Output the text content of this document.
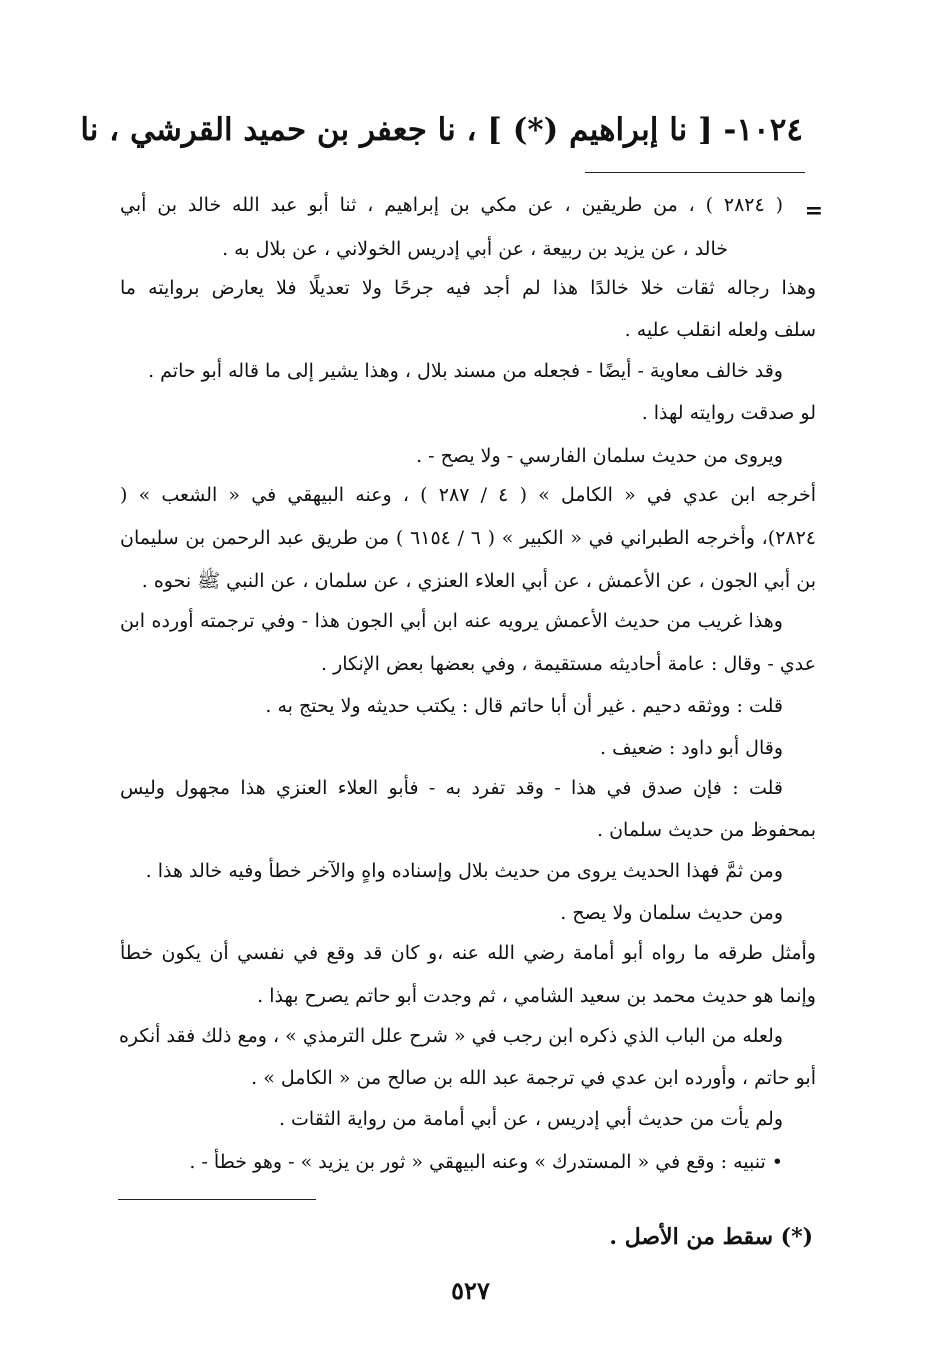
١٠٢٤- [ نا إبراهيم (*) ] ، نا جعفر بن حميد القرشي ، نا
=
( ٢٨٢٤ ) ، من طريقين ، عن مكي بن إبراهيم ، ثنا أبو عبد الله خالد بن أبي
خالد ، عن يزيد بن ربيعة ، عن أبي إدريس الخولاني ، عن بلال به .
وهذا رجاله ثقات خلا خالدًا هذا لم أجد فيه جرحًا ولا تعديلًا فلا يعارض بروايته ما
سلف ولعله انقلب عليه .
وقد خالف معاوية - أيضًا - فجعله من مسند بلال ، وهذا يشير إلى ما قاله أبو حاتم .
لو صدقت روايته لهذا .
ويروى من حديث سلمان الفارسي - ولا يصح - .
أخرجه ابن عدي في « الكامل » ( ٤ / ٢٨٧ ) ، وعنه البيهقي في « الشعب » (
٢٨٢٤)، وأخرجه الطبراني في « الكبير » ( ٦ / ٦١٥٤ ) من طريق عبد الرحمن بن سليمان
بن أبي الجون ، عن الأعمش ، عن أبي العلاء العنزي ، عن سلمان ، عن النبي ﷺ نحوه .
وهذا غريب من حديث الأعمش يرويه عنه ابن أبي الجون هذا - وفي ترجمته أورده ابن
عدي - وقال : عامة أحاديثه مستقيمة ، وفي بعضها بعض الإنكار .
قلت : ووثقه دحيم . غير أن أبا حاتم قال : يكتب حديثه ولا يحتج به .
وقال أبو داود : ضعيف .
قلت : فإن صدق في هذا - وقد تفرد به - فأبو العلاء العنزي هذا مجهول وليس
بمحفوظ من حديث سلمان .
ومن ثمَّ فهذا الحديث يروى من حديث بلال وإسناده واهٍ والآخر خطأ وفيه خالد هذا .
ومن حديث سلمان ولا يصح .
وأمثل طرقه ما رواه أبو أمامة رضي الله عنه ،و كان قد وقع في نفسي أن يكون خطأ
وإنما هو حديث محمد بن سعيد الشامي ، ثم وجدت أبو حاتم يصرح بهذا .
ولعله من الباب الذي ذكره ابن رجب في « شرح علل الترمذي » ، ومع ذلك فقد أنكره
أبو حاتم ، وأورده ابن عدي في ترجمة عبد الله بن صالح من « الكامل » .
ولم يأت من حديث أبي إدريس ، عن أبي أمامة من رواية الثقات .
• تنبيه : وقع في « المستدرك » وعنه البيهقي « ثور بن يزيد » - وهو خطأ - .
(*) سقط من الأصل .
٥٢٧
